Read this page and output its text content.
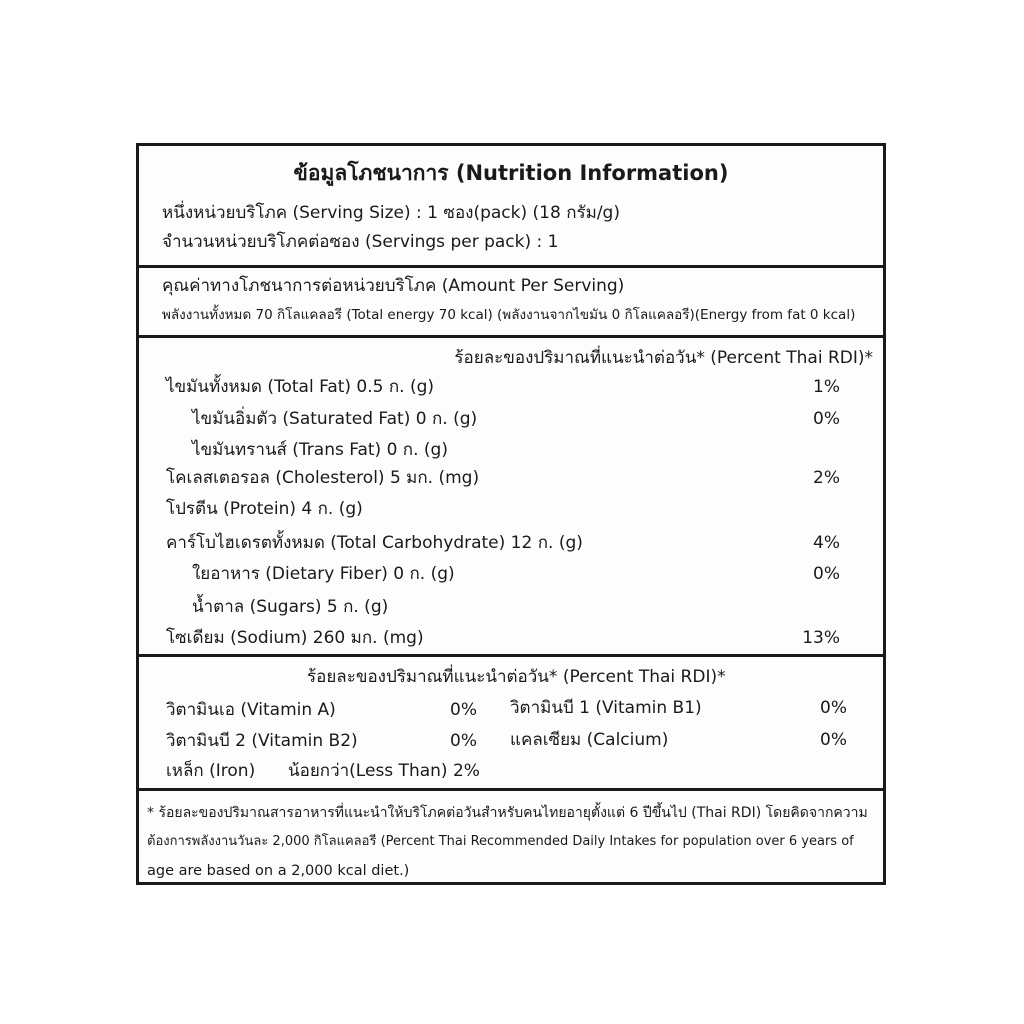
ข้อมูลโภชนาการ (Nutrition Information)
หนึ่งหน่วยบริโภค (Serving Size) : 1 ซอง(pack) (18 กรัม/g)
จำนวนหน่วยบริโภคต่อซอง (Servings per pack) : 1
คุณค่าทางโภชนาการต่อหน่วยบริโภค (Amount Per Serving)
พลังงานทั้งหมด 70 กิโลแคลอรี (Total energy 70 kcal) (พลังงานจากไขมัน 0 กิโลแคลอรี)(Energy from fat 0 kcal)
ร้อยละของปริมาณที่แนะนำต่อวัน* (Percent Thai RDI)*
ไขมันทั้งหมด (Total Fat) 0.5 ก. (g)	1%
ไขมันอิ่มตัว (Saturated Fat) 0 ก. (g)	0%
ไขมันทรานส์ (Trans Fat) 0 ก. (g)
โคเลสเตอรอล (Cholesterol) 5 มก. (mg)	2%
โปรตีน (Protein) 4 ก. (g)
คาร์โบไฮเดรตทั้งหมด (Total Carbohydrate) 12 ก. (g)	4%
ใยอาหาร (Dietary Fiber) 0 ก. (g)	0%
น้ำตาล (Sugars) 5 ก. (g)
โซเดียม (Sodium) 260 มก. (mg)	13%
ร้อยละของปริมาณที่แนะนำต่อวัน* (Percent Thai RDI)*
วิตามินเอ (Vitamin A)	0% วิตามินบี 1 (Vitamin B1)	0%
วิตามินบี 2 (Vitamin B2)	0% แคลเซียม (Calcium)	0%
เหล็ก (Iron) น้อยกว่า(Less Than) 2%
* ร้อยละของปริมาณสารอาหารที่แนะนำให้บริโภคต่อวันสำหรับคนไทยอายุตั้งแต่ 6 ปีขึ้นไป (Thai RDI) โดยคิดจากความ
ต้องการพลังงานวันละ 2,000 กิโลแคลอรี (Percent Thai Recommended Daily Intakes for population over 6 years of
age are based on a 2,000 kcal diet.)
